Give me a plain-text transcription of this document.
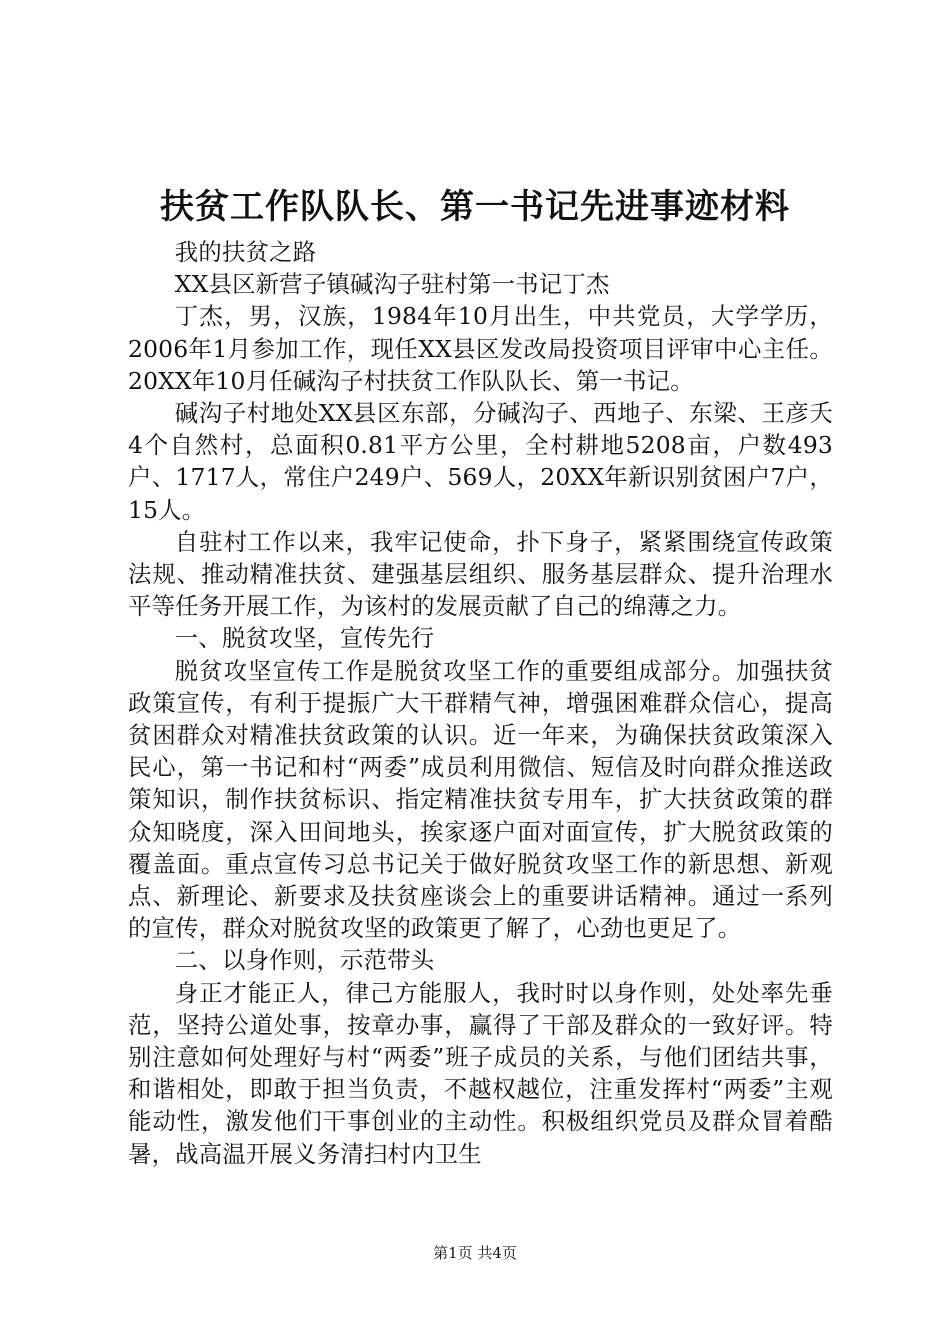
扶贫工作队队长、第一书记先进事迹材料

我的扶贫之路

XX县区新营子镇碱沟子驻村第一书记丁杰

丁杰，男，汉族，1984年10月出生，中共党员，大学学历，2006年1月参加工作，现任XX县区发改局投资项目评审中心主任。20XX年10月任碱沟子村扶贫工作队队长、第一书记。

碱沟子村地处XX县区东部，分碱沟子、西地子、东梁、王彦夭4个自然村，总面积0.81平方公里，全村耕地5208亩，户数493户、1717人，常住户249户、569人，20XX年新识别贫困户7户，15人。

自驻村工作以来，我牢记使命，扑下身子，紧紧围绕宣传政策法规、推动精准扶贫、建强基层组织、服务基层群众、提升治理水平等任务开展工作，为该村的发展贡献了自己的绵薄之力。

一、脱贫攻坚，宣传先行

脱贫攻坚宣传工作是脱贫攻坚工作的重要组成部分。加强扶贫政策宣传，有利于提振广大干群精气神，增强困难群众信心，提高贫困群众对精准扶贫政策的认识。近一年来，为确保扶贫政策深入民心，第一书记和村“两委”成员利用微信、短信及时向群众推送政策知识，制作扶贫标识、指定精准扶贫专用车，扩大扶贫政策的群众知晓度，深入田间地头，挨家逐户面对面宣传，扩大脱贫政策的覆盖面。重点宣传习总书记关于做好脱贫攻坚工作的新思想、新观点、新理论、新要求及扶贫座谈会上的重要讲话精神。通过一系列的宣传，群众对脱贫攻坚的政策更了解了，心劲也更足了。

二、以身作则，示范带头

身正才能正人，律己方能服人，我时时以身作则，处处率先垂范，坚持公道处事，按章办事，赢得了干部及群众的一致好评。特别注意如何处理好与村“两委”班子成员的关系，与他们团结共事，和谐相处，即敢于担当负责，不越权越位，注重发挥村“两委”主观能动性，激发他们干事创业的主动性。积极组织党员及群众冒着酷暑，战高温开展义务清扫村内卫生

第1页 共4页
